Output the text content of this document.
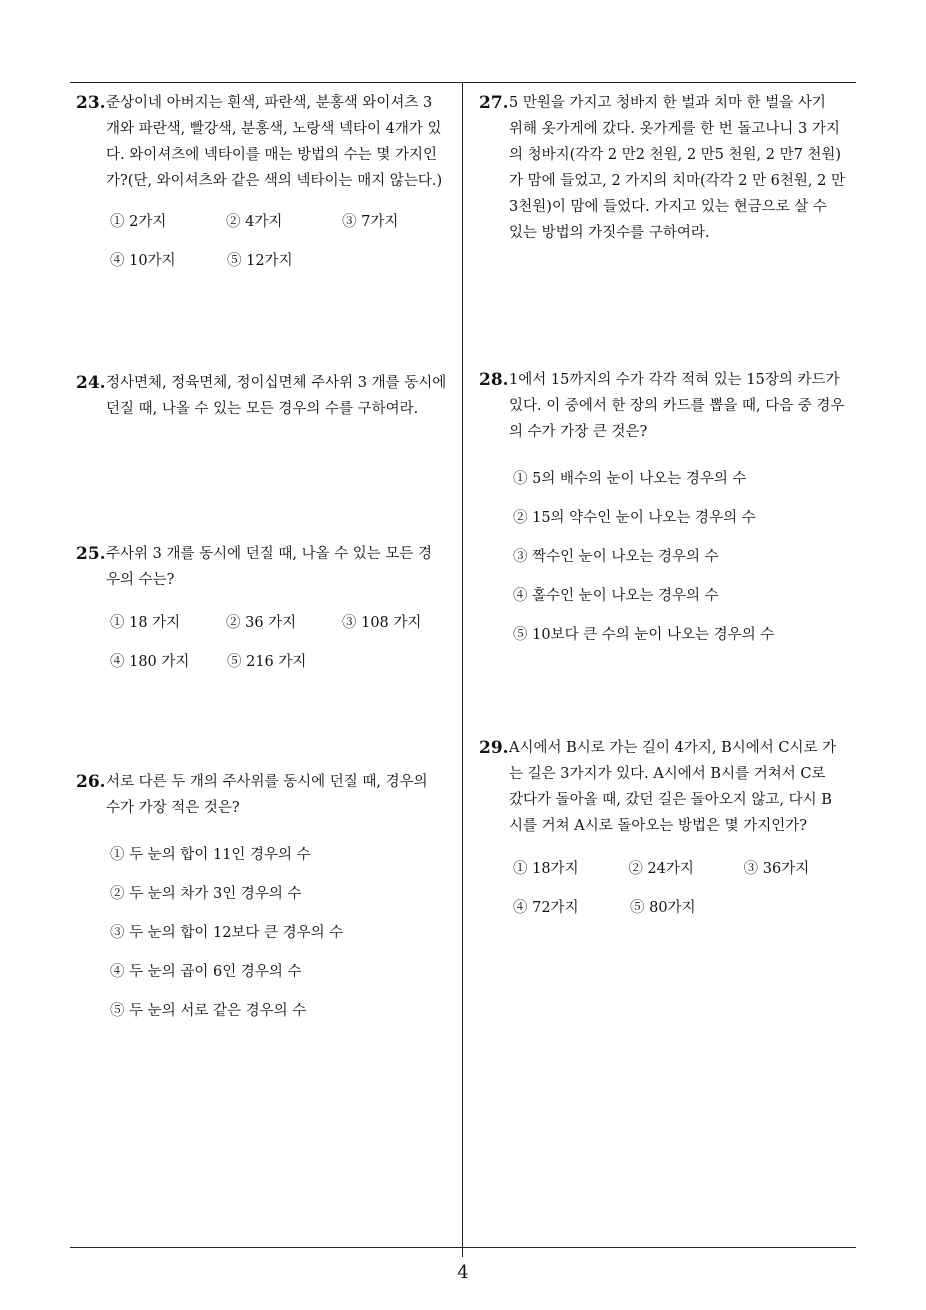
23. 준상이네 아버지는 흰색, 파란색, 분홍색 와이셔츠 3
개와 파란색, 빨강색, 분홍색, 노랑색 넥타이 4개가 있
다. 와이셔츠에 넥타이를 매는 방법의 수는 몇 가지인
가?(단, 와이셔츠와 같은 색의 넥타이는 매지 않는다.)
① 2가지	② 4가지	③ 7가지
④ 10가지	⑤ 12가지
24. 정사면체, 정육면체, 정이십면체 주사위 3 개를 동시에
던질 때, 나올 수 있는 모든 경우의 수를 구하여라.
25. 주사위 3 개를 동시에 던질 때, 나올 수 있는 모든 경
우의 수는?
① 18 가지	② 36 가지	③ 108 가지
④ 180 가지	⑤ 216 가지
26. 서로 다른 두 개의 주사위를 동시에 던질 때, 경우의
수가 가장 적은 것은?
① 두 눈의 합이 11인 경우의 수
② 두 눈의 차가 3인 경우의 수
③ 두 눈의 합이 12보다 큰 경우의 수
④ 두 눈의 곱이 6인 경우의 수
⑤ 두 눈의 서로 같은 경우의 수
27. 5 만원을 가지고 청바지 한 벌과 치마 한 벌을 사기
위해 옷가게에 갔다. 옷가게를 한 번 돌고나니 3 가지
의 청바지(각각 2 만2 천원, 2 만5 천원, 2 만7 천원)
가 맘에 들었고, 2 가지의 치마(각각 2 만 6천원, 2 만
3천원)이 맘에 들었다. 가지고 있는 현금으로 살 수
있는 방법의 가짓수를 구하여라.
28. 1에서 15까지의 수가 각각 적혀 있는 15장의 카드가
있다. 이 중에서 한 장의 카드를 뽑을 때, 다음 중 경우
의 수가 가장 큰 것은?
① 5의 배수의 눈이 나오는 경우의 수
② 15의 약수인 눈이 나오는 경우의 수
③ 짝수인 눈이 나오는 경우의 수
④ 홀수인 눈이 나오는 경우의 수
⑤ 10보다 큰 수의 눈이 나오는 경우의 수
29. A시에서 B시로 가는 길이 4가지, B시에서 C시로 가
는 길은 3가지가 있다. A시에서 B시를 거쳐서 C로
갔다가 돌아올 때, 갔던 길은 돌아오지 않고, 다시 B
시를 거쳐 A시로 돌아오는 방법은 몇 가지인가?
① 18가지	② 24가지	③ 36가지
④ 72가지	⑤ 80가지
4
